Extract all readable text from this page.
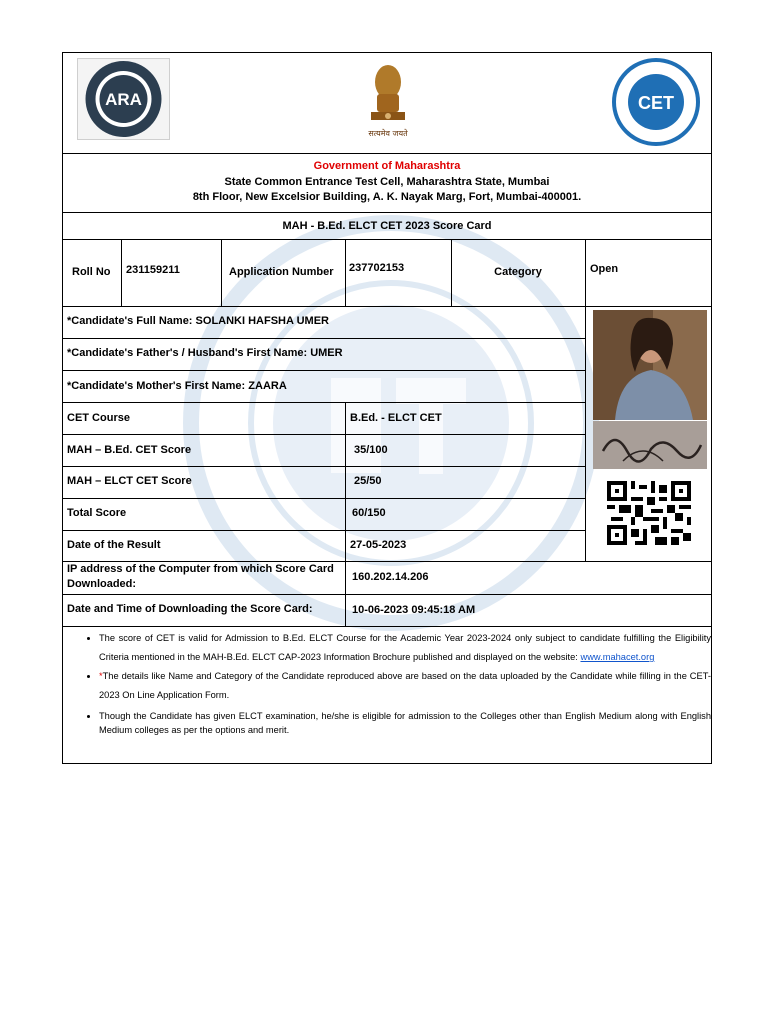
ARA
सत्यमेव जयते
CET
Government of Maharashtra
State Common Entrance Test Cell, Maharashtra State, Mumbai
8th Floor, New Excelsior Building, A. K. Nayak Marg, Fort, Mumbai-400001.
MAH - B.Ed. ELCT CET 2023 Score Card
Roll No 231159211	Application Number 237702153	Category	Open
*Candidate's Full Name: SOLANKI HAFSHA UMER
*Candidate's Father's / Husband's First Name: UMER
*Candidate's Mother's First Name: ZAARA
CET Course	B.Ed. - ELCT CET
MAH – B.Ed. CET Score	35/100
MAH – ELCT CET Score	25/50
Total Score	60/150
Date of the Result	27-05-2023
IP address of the Computer from which Score Card
Downloaded:
160.202.14.206
Date and Time of Downloading the Score Card:	10-06-2023 09:45:18 AM
• The score of CET is valid for Admission to B.Ed. ELCT Course for the Academic Year 2023-2024 only subject to candidate fulfilling the Eligibility Criteria mentioned in the MAH-B.Ed. ELCT CAP-2023 Information Brochure published and displayed on the website: www.mahacet.org
• *The details like Name and Category of the Candidate reproduced above are based on the data uploaded by the Candidate while filling in the CET-2023 On Line Application Form.
• Though the Candidate has given ELCT examination, he/she is eligible for admission to the Colleges other than English Medium along with English Medium colleges as per the options and merit.
